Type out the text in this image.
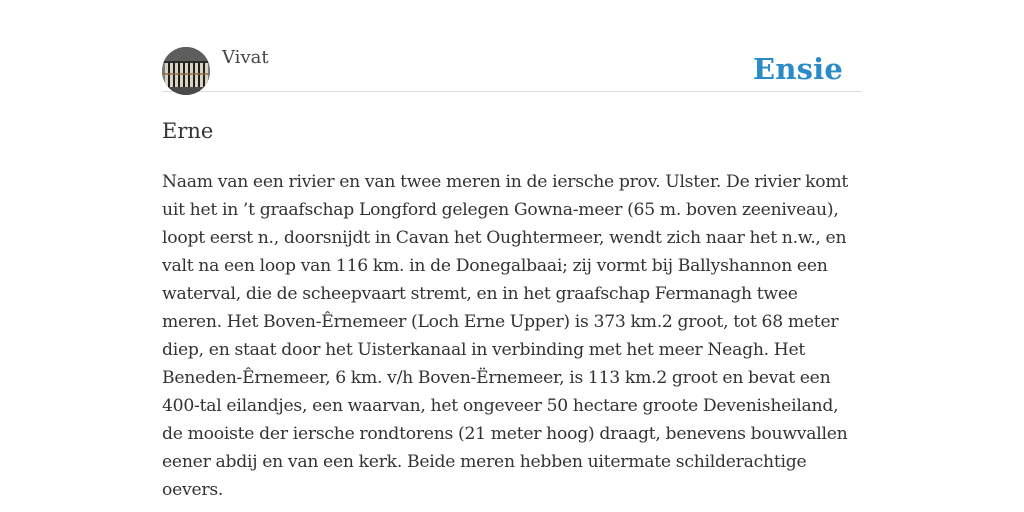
Vivat	Ensie
Erne

Naam van een rivier en van twee meren in de iersche prov. Ulster. De rivier komt uit het in ’t graafschap Longford gelegen Gowna-meer (65 m. boven zeeniveau), loopt eerst n., doorsnijdt in Cavan het Oughtermeer, wendt zich naar het n.w., en valt na een loop van 116 km. in de Donegalbaai; zij vormt bij Ballyshannon een waterval, die de scheepvaart stremt, en in het graafschap Fermanagh twee meren. Het Boven-Êrnemeer (Loch Erne Upper) is 373 km.2 groot, tot 68 meter diep, en staat door het Uisterkanaal in verbinding met het meer Neagh. Het Beneden-Êrnemeer, 6 km. v/h Boven-Ërnemeer, is 113 km.2 groot en bevat een 400-tal eilandjes, een waarvan, het ongeveer 50 hectare groote Devenisheiland, de mooiste der iersche rondtorens (21 meter hoog) draagt, benevens bouwvallen eener abdij en van een kerk. Beide meren hebben uitermate schilderachtige oevers.
